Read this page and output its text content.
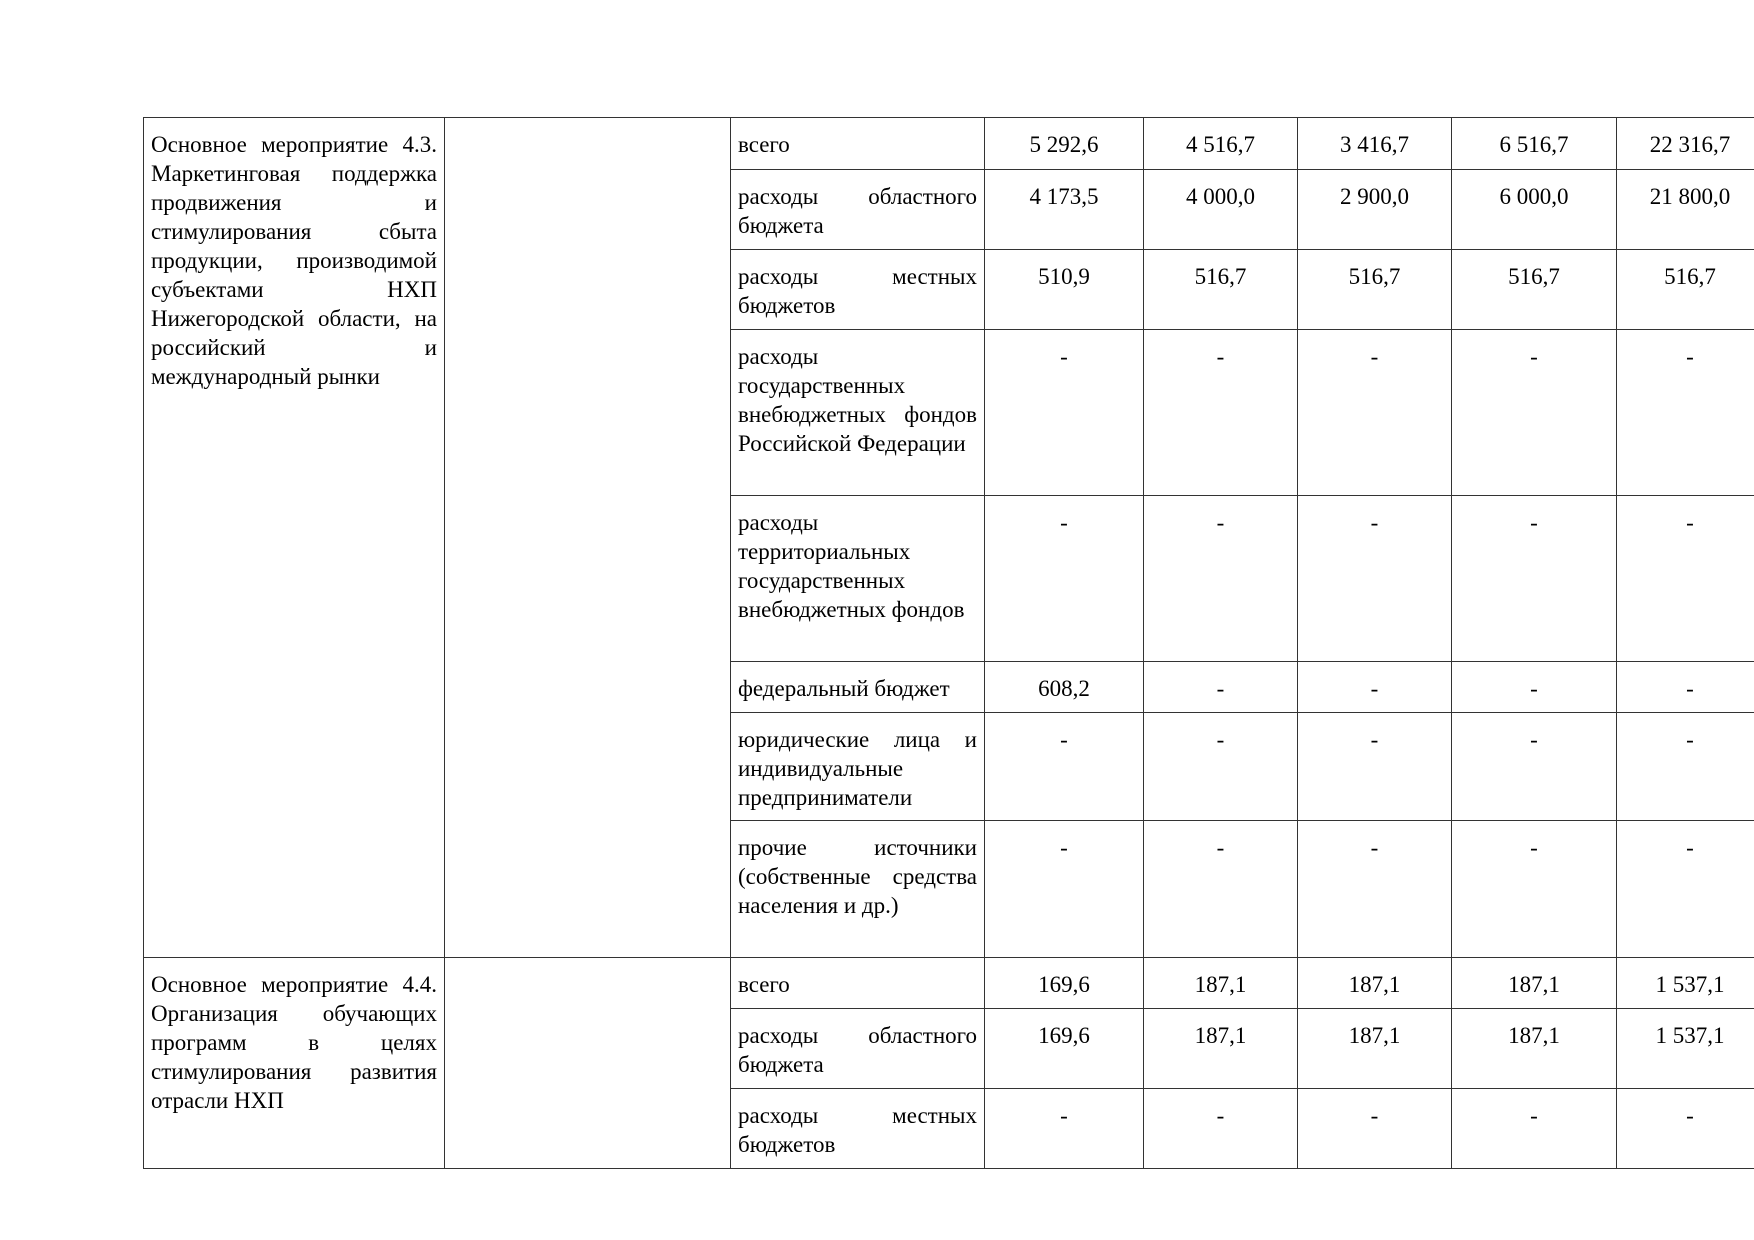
Основное мероприятие 4.3. Маркетинговая поддержка продвижения и стимулирования сбыта продукции, производимой субъектами НХП Нижегородской области, на российский и международный рынки		всего	5 292,6	4 516,7	3 416,7	6 516,7	22 316,7
		расходы областного бюджета	4 173,5	4 000,0	2 900,0	6 000,0	21 800,0
		расходы местных бюджетов	510,9	516,7	516,7	516,7	516,7
		расходы государственных внебюджетных фондов Российской Федерации	-	-	-	-	-
		расходы территориальных государственных внебюджетных фондов	-	-	-	-	-
		федеральный бюджет	608,2	-	-	-	-
		юридические лица и индивидуальные предприниматели	-	-	-	-	-
		прочие источники (собственные средства населения и др.)	-	-	-	-	-
Основное мероприятие 4.4. Организация обучающих программ в целях стимулирования развития отрасли НХП		всего	169,6	187,1	187,1	187,1	1 537,1
		расходы областного бюджета	169,6	187,1	187,1	187,1	1 537,1
		расходы местных бюджетов	-	-	-	-	-
